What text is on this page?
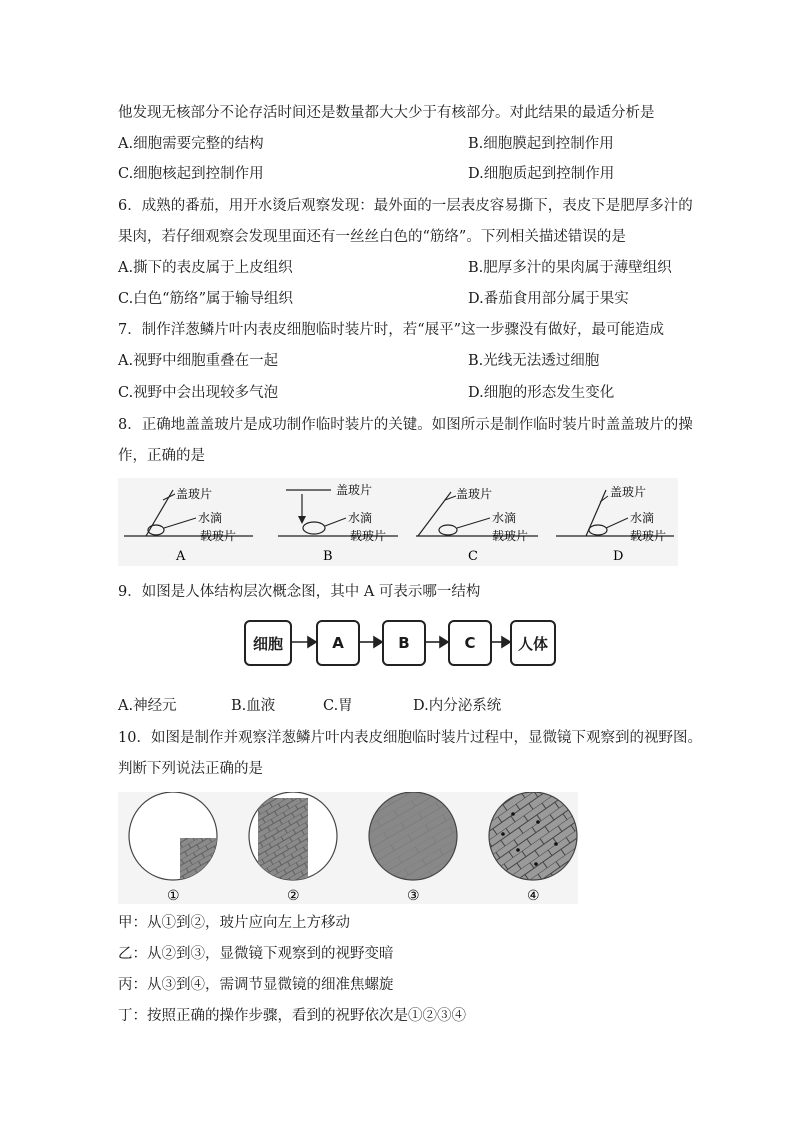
他发现无核部分不论存活时间还是数量都大大少于有核部分。对此结果的最适分析是
A.细胞需要完整的结构	B.细胞膜起到控制作用
C.细胞核起到控制作用	D.细胞质起到控制作用
6．成熟的番茄，用开水烫后观察发现：最外面的一层表皮容易撕下，表皮下是肥厚多汁的
果肉，若仔细观察会发现里面还有一丝丝白色的“筋络”。下列相关描述错误的是
A.撕下的表皮属于上皮组织	B.肥厚多汁的果肉属于薄壁组织
C.白色“筋络”属于输导组织	D.番茄食用部分属于果实
7．制作洋葱鳞片叶内表皮细胞临时装片时，若“展平”这一步骤没有做好，最可能造成
A.视野中细胞重叠在一起	B.光线无法透过细胞
C.视野中会出现较多气泡	D.细胞的形态发生变化
8．正确地盖盖玻片是成功制作临时装片的关键。如图所示是制作临时装片时盖盖玻片的操
作，正确的是
盖玻片
水滴
载玻片
A
盖玻片
水滴
载玻片
B
盖玻片
水滴
载玻片
C
盖玻片
水滴
载玻片
D
9．如图是人体结构层次概念图，其中 A 可表示哪一结构
细胞	A	B	C	人体
A.神经元	B.血液	C.胃	D.内分泌系统
10．如图是制作并观察洋葱鳞片叶内表皮细胞临时装片过程中，显微镜下观察到的视野图。
判断下列说法正确的是
①	②	③	④
甲：从①到②，玻片应向左上方移动
乙：从②到③，显微镜下观察到的视野变暗
丙：从③到④，需调节显微镜的细准焦螺旋
丁：按照正确的操作步骤，看到的祝野依次是①②③④
